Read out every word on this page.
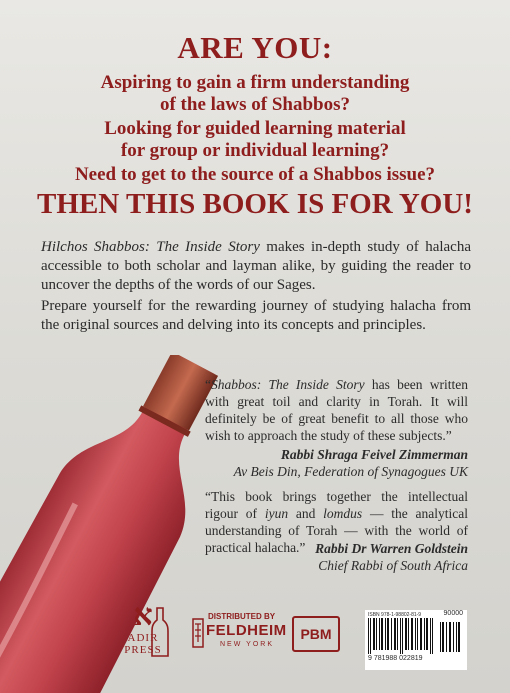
ARE YOU:
Aspiring to gain a firm understanding
of the laws of Shabbos?
Looking for guided learning material
for group or individual learning?
Need to get to the source of a Shabbos issue?
THEN THIS BOOK IS FOR YOU!
Hilchos Shabbos: The Inside Story makes in-depth study of halacha accessible to both scholar and layman alike, by guiding the reader to uncover the depths of the words of our Sages.
Prepare yourself for the rewarding journey of studying halacha from the original sources and delving into its concepts and principles.
“Shabbos: The Inside Story has been written with great toil and clarity in Torah. It will definitely be of great benefit to all those who wish to approach the study of these subjects.”
Rabbi Shraga Feivel Zimmerman
Av Beis Din, Federation of Synagogues UK
“This book brings together the intellectual rigour of iyun and lomdus — the analytical understanding of Torah — with the world of practical halacha.” Rabbi Dr Warren Goldstein
Chief Rabbi of South Africa
א
ADIR
PRESS
DISTRIBUTED BY
FELDHEIM
NEW YORK
PBM
ISBN 978-1-98802-81-9
9 781988 022819
90000
